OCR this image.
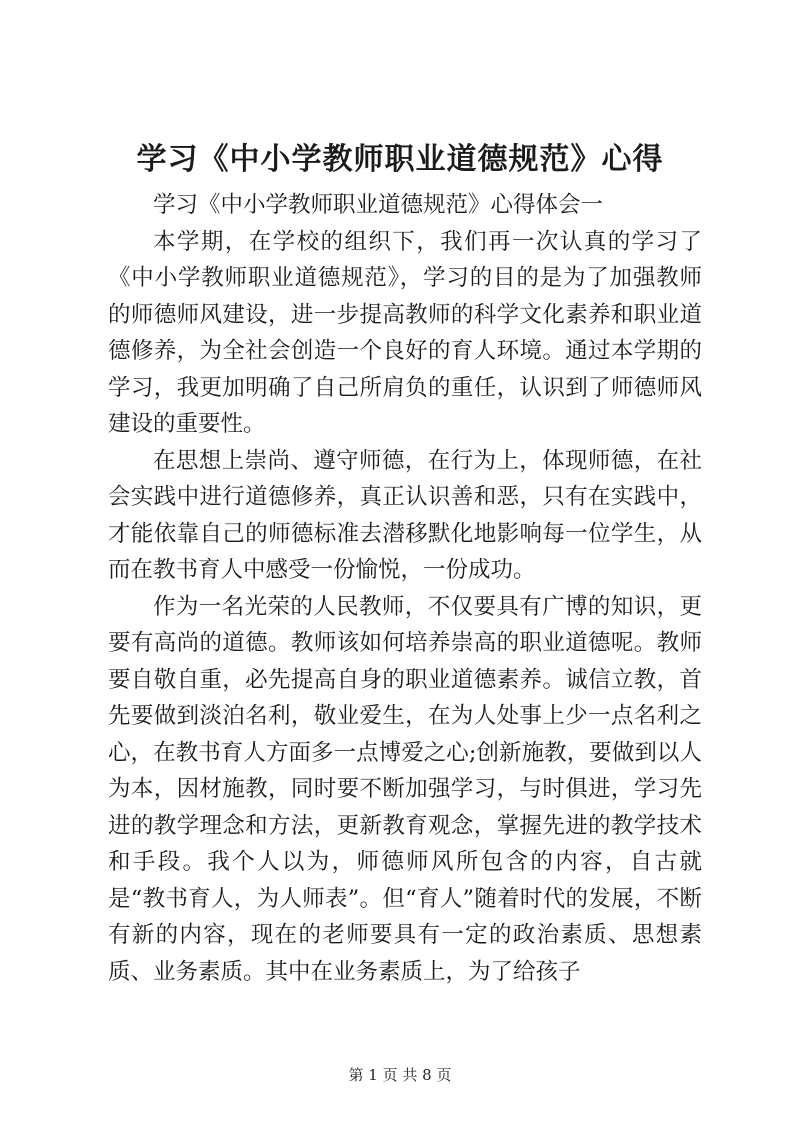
学习《中小学教师职业道德规范》心得

学习《中小学教师职业道德规范》心得体会一

本学期，在学校的组织下，我们再一次认真的学习了《中小学教师职业道德规范》，学习的目的是为了加强教师的师德师风建设，进一步提高教师的科学文化素养和职业道德修养，为全社会创造一个良好的育人环境。通过本学期的学习，我更加明确了自己所肩负的重任，认识到了师德师风建设的重要性。

在思想上崇尚、遵守师德，在行为上，体现师德，在社会实践中进行道德修养，真正认识善和恶，只有在实践中，才能依靠自己的师德标准去潜移默化地影响每一位学生，从而在教书育人中感受一份愉悦，一份成功。

作为一名光荣的人民教师，不仅要具有广博的知识，更要有高尚的道德。教师该如何培养崇高的职业道德呢。教师要自敬自重，必先提高自身的职业道德素养。诚信立教，首先要做到淡泊名利，敬业爱生，在为人处事上少一点名利之心，在教书育人方面多一点博爱之心;创新施教，要做到以人为本，因材施教，同时要不断加强学习，与时俱进，学习先进的教学理念和方法，更新教育观念，掌握先进的教学技术和手段。我个人以为，师德师风所包含的内容，自古就是“教书育人，为人师表”。但“育人”随着时代的发展，不断有新的内容，现在的老师要具有一定的政治素质、思想素质、业务素质。其中在业务素质上，为了给孩子

第 1 页 共 8 页
